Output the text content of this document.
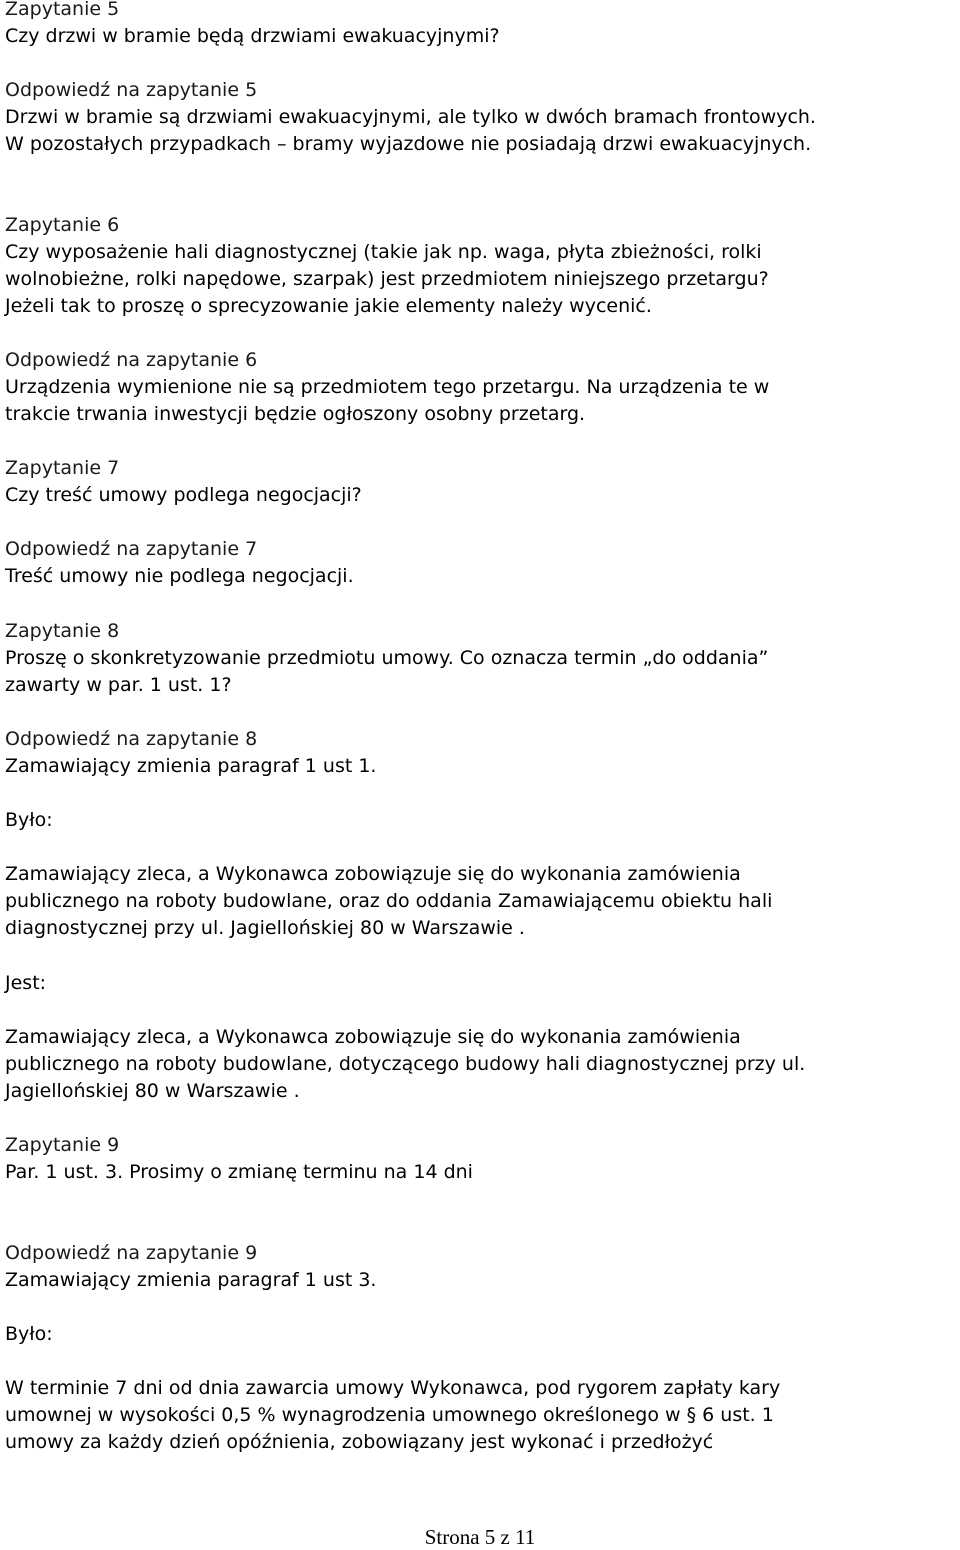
Zapytanie 5
Czy drzwi w bramie będą drzwiami ewakuacyjnymi?
Odpowiedź na zapytanie 5
Drzwi w bramie są drzwiami ewakuacyjnymi, ale tylko w dwóch bramach frontowych.
W pozostałych przypadkach – bramy wyjazdowe nie posiadają drzwi ewakuacyjnych.
Zapytanie 6
Czy wyposażenie hali diagnostycznej (takie jak np. waga, płyta zbieżności, rolki
wolnobieżne, rolki napędowe, szarpak) jest przedmiotem niniejszego przetargu?
Jeżeli tak to proszę o sprecyzowanie jakie elementy należy wycenić.
Odpowiedź na zapytanie 6
Urządzenia wymienione nie są przedmiotem tego przetargu. Na urządzenia te w
trakcie trwania inwestycji będzie ogłoszony osobny przetarg.
Zapytanie 7
Czy treść umowy podlega negocjacji?
Odpowiedź na zapytanie 7
Treść umowy nie podlega negocjacji.
Zapytanie 8
Proszę o skonkretyzowanie przedmiotu umowy. Co oznacza termin „do oddania”
zawarty w par. 1 ust. 1?
Odpowiedź na zapytanie 8
Zamawiający zmienia paragraf 1 ust 1.
Było:
Zamawiający zleca, a Wykonawca zobowiązuje się do wykonania zamówienia
publicznego na roboty budowlane, oraz do oddania Zamawiającemu obiektu hali
diagnostycznej przy ul. Jagiellońskiej 80 w Warszawie .
Jest:
Zamawiający zleca, a Wykonawca zobowiązuje się do wykonania zamówienia
publicznego na roboty budowlane, dotyczącego budowy hali diagnostycznej przy ul.
Jagiellońskiej 80 w Warszawie .
Zapytanie 9
Par. 1 ust. 3. Prosimy o zmianę terminu na 14 dni
Odpowiedź na zapytanie 9
Zamawiający zmienia paragraf 1 ust 3.
Było:
W terminie 7 dni od dnia zawarcia umowy Wykonawca, pod rygorem zapłaty kary
umownej w wysokości 0,5 % wynagrodzenia umownego określonego w § 6 ust. 1
umowy za każdy dzień opóźnienia, zobowiązany jest wykonać i przedłożyć
Strona 5 z 11
